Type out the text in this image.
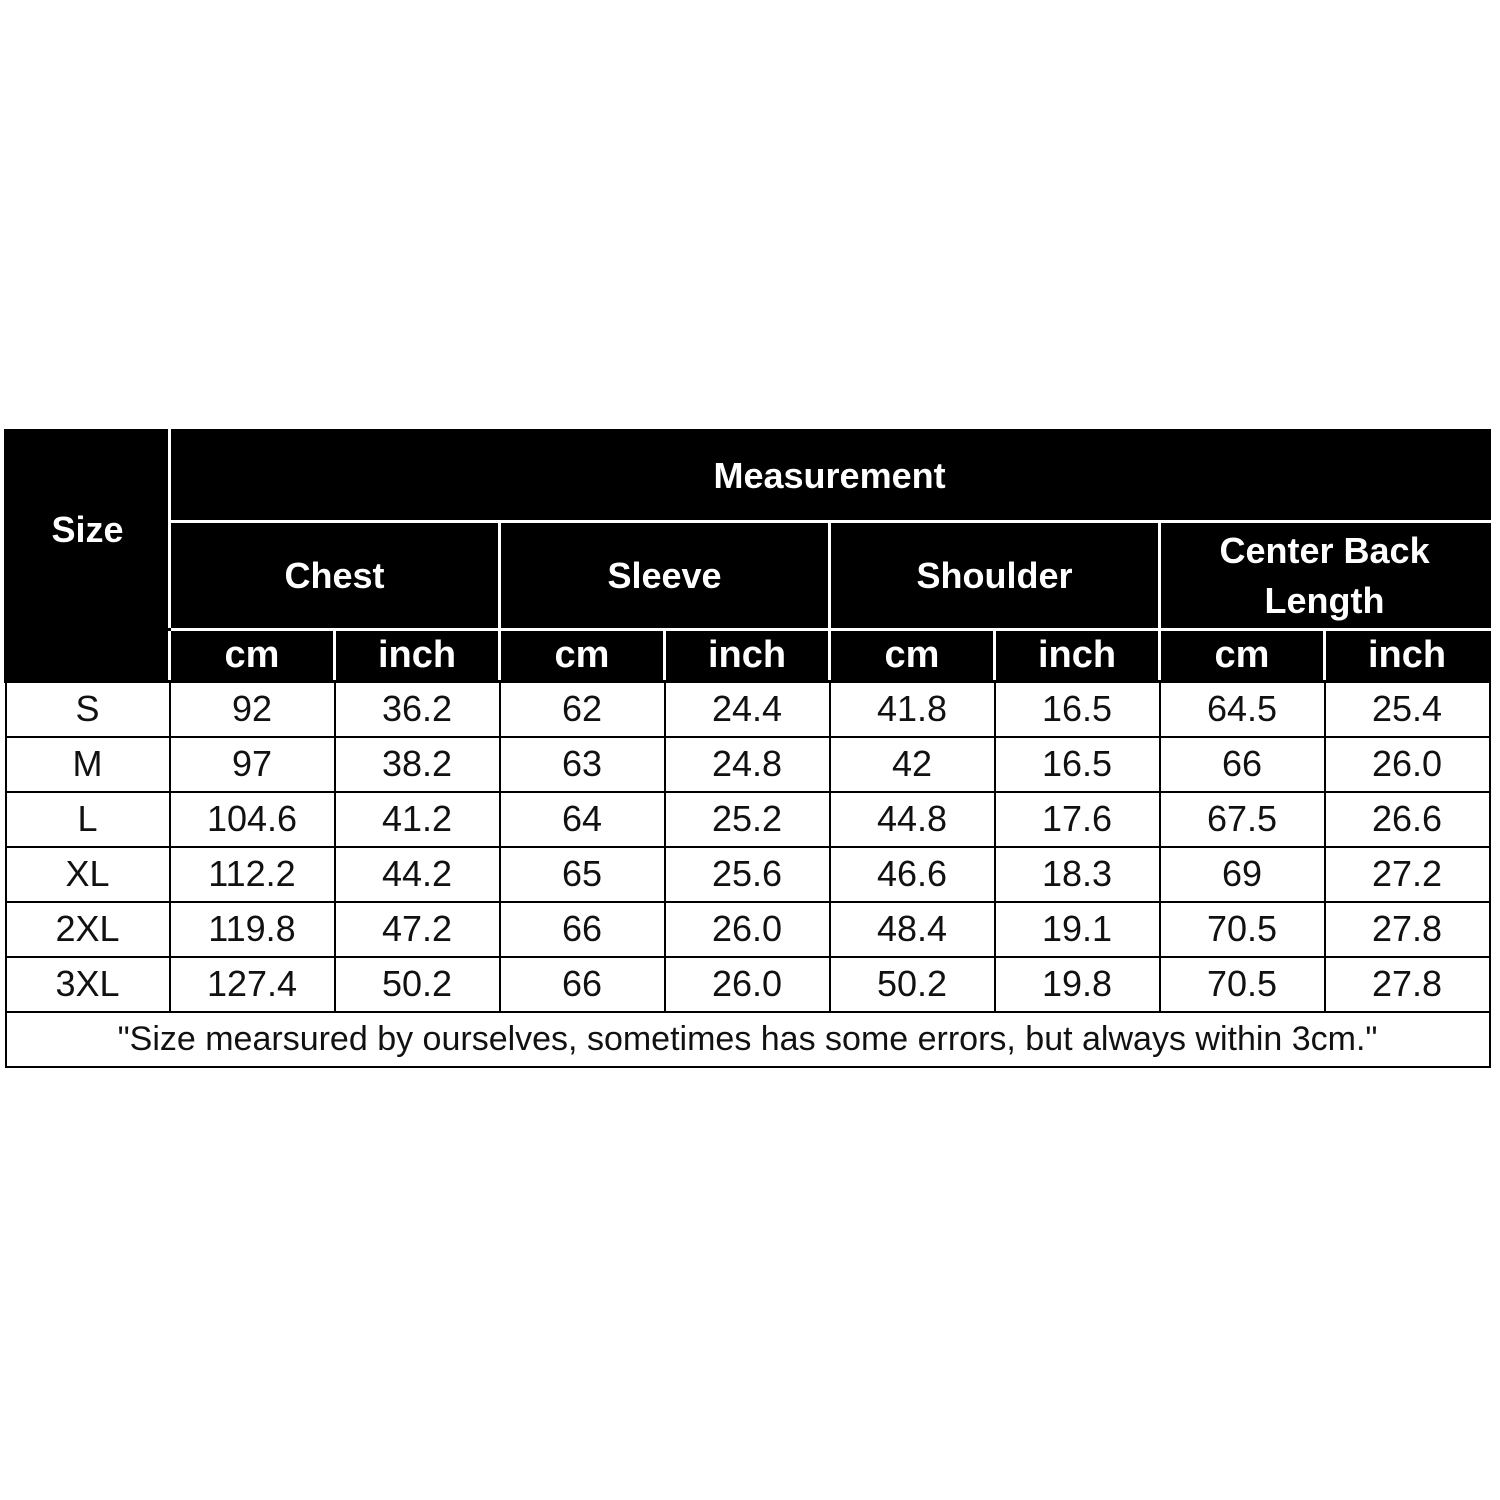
Size	Measurement							
	Chest		Sleeve		Shoulder		Center Back
Length	

	cm	inch	cm	inch	cm	inch	cm	inch
S	92	36.2	62	24.4	41.8	16.5	64.5	25.4
M	97	38.2	63	24.8	42	16.5	66	26.0
L	104.6	41.2	64	25.2	44.8	17.6	67.5	26.6
XL	112.2	44.2	65	25.6	46.6	18.3	69	27.2
2XL	119.8	47.2	66	26.0	48.4	19.1	70.5	27.8
3XL	127.4	50.2	66	26.0	50.2	19.8	70.5	27.8
"Size mearsured by ourselves, sometimes has some errors, but always within 3cm."								
